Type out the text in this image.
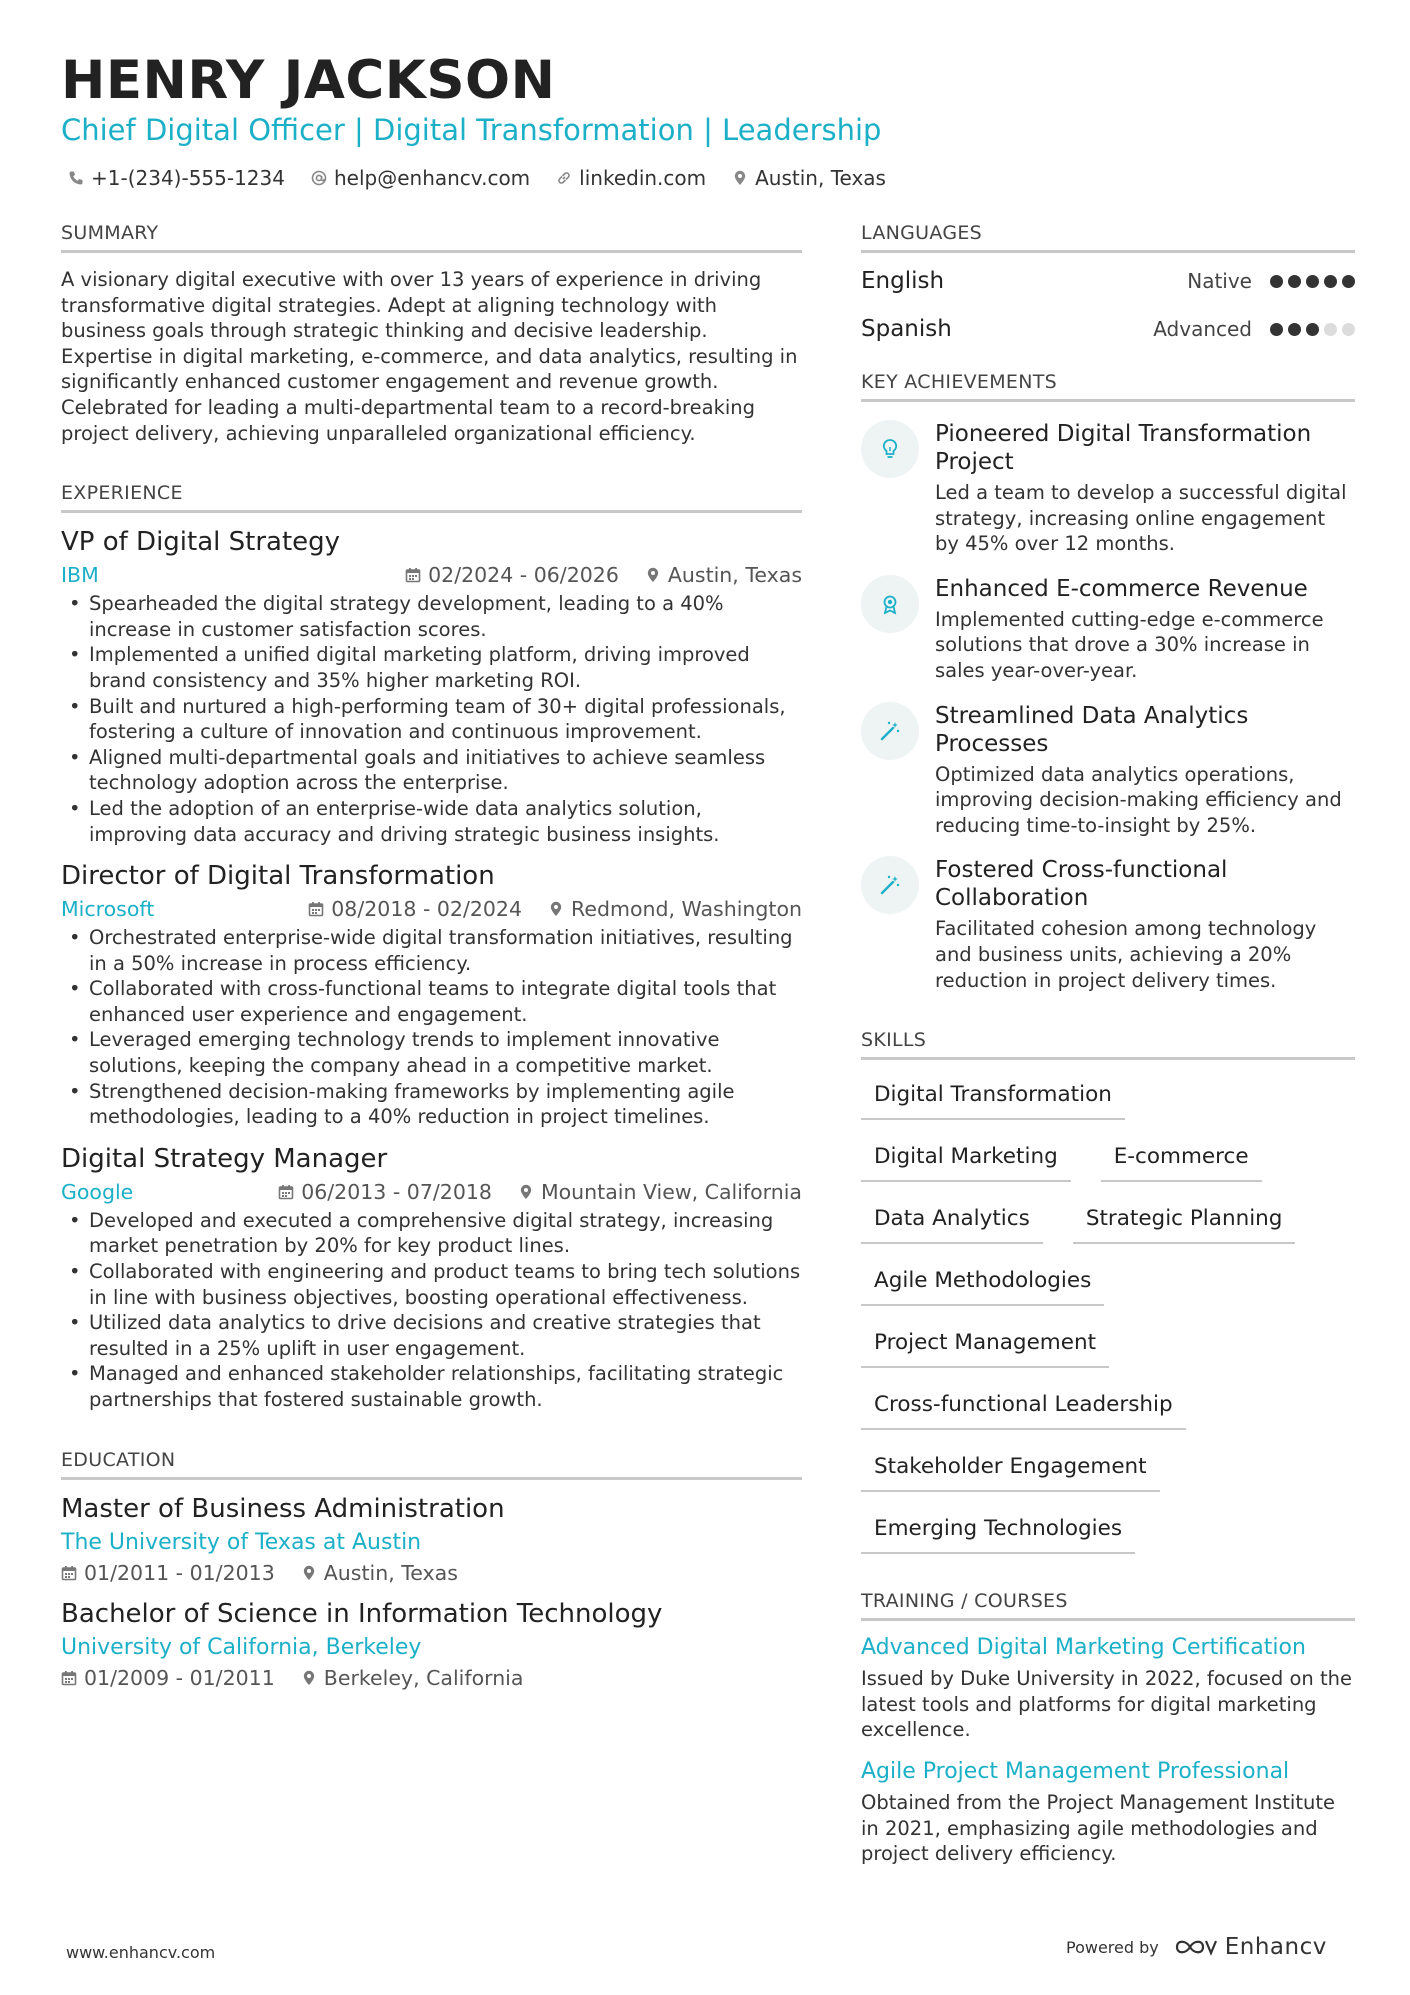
HENRY JACKSON
Chief Digital Officer | Digital Transformation | Leadership
+1-(234)-555-1234 help@enhancv.com linkedin.com Austin, Texas
SUMMARY
A visionary digital executive with over 13 years of experience in driving transformative digital strategies. Adept at aligning technology with business goals through strategic thinking and decisive leadership. Expertise in digital marketing, e-commerce, and data analytics, resulting in significantly enhanced customer engagement and revenue growth. Celebrated for leading a multi-departmental team to a record-breaking project delivery, achieving unparalleled organizational efficiency.
EXPERIENCE
VP of Digital Strategy
IBM	02/2024 - 06/2026 Austin, Texas
• Spearheaded the digital strategy development, leading to a 40% increase in customer satisfaction scores.
• Implemented a unified digital marketing platform, driving improved brand consistency and 35% higher marketing ROI.
• Built and nurtured a high-performing team of 30+ digital professionals, fostering a culture of innovation and continuous improvement.
• Aligned multi-departmental goals and initiatives to achieve seamless technology adoption across the enterprise.
• Led the adoption of an enterprise-wide data analytics solution, improving data accuracy and driving strategic business insights.
Director of Digital Transformation
Microsoft	08/2018 - 02/2024 Redmond, Washington
• Orchestrated enterprise-wide digital transformation initiatives, resulting in a 50% increase in process efficiency.
• Collaborated with cross-functional teams to integrate digital tools that enhanced user experience and engagement.
• Leveraged emerging technology trends to implement innovative solutions, keeping the company ahead in a competitive market.
• Strengthened decision-making frameworks by implementing agile methodologies, leading to a 40% reduction in project timelines.
Digital Strategy Manager
Google	06/2013 - 07/2018 Mountain View, California
• Developed and executed a comprehensive digital strategy, increasing market penetration by 20% for key product lines.
• Collaborated with engineering and product teams to bring tech solutions in line with business objectives, boosting operational effectiveness.
• Utilized data analytics to drive decisions and creative strategies that resulted in a 25% uplift in user engagement.
• Managed and enhanced stakeholder relationships, facilitating strategic partnerships that fostered sustainable growth.
EDUCATION
Master of Business Administration
The University of Texas at Austin
01/2011 - 01/2013 Austin, Texas
Bachelor of Science in Information Technology
University of California, Berkeley
01/2009 - 01/2011 Berkeley, California
LANGUAGES
English	Native
Spanish	Advanced
KEY ACHIEVEMENTS
Pioneered Digital Transformation Project
Led a team to develop a successful digital strategy, increasing online engagement by 45% over 12 months.
Enhanced E-commerce Revenue
Implemented cutting-edge e-commerce solutions that drove a 30% increase in sales year-over-year.
Streamlined Data Analytics Processes
Optimized data analytics operations, improving decision-making efficiency and reducing time-to-insight by 25%.
Fostered Cross-functional Collaboration
Facilitated cohesion among technology and business units, achieving a 20% reduction in project delivery times.
SKILLS
Digital Transformation
Digital Marketing	E-commerce
Data Analytics	Strategic Planning
Agile Methodologies
Project Management
Cross-functional Leadership
Stakeholder Engagement
Emerging Technologies
TRAINING / COURSES
Advanced Digital Marketing Certification
Issued by Duke University in 2022, focused on the latest tools and platforms for digital marketing excellence.
Agile Project Management Professional
Obtained from the Project Management Institute in 2021, emphasizing agile methodologies and project delivery efficiency.
www.enhancv.com	Powered by	Enhancv
